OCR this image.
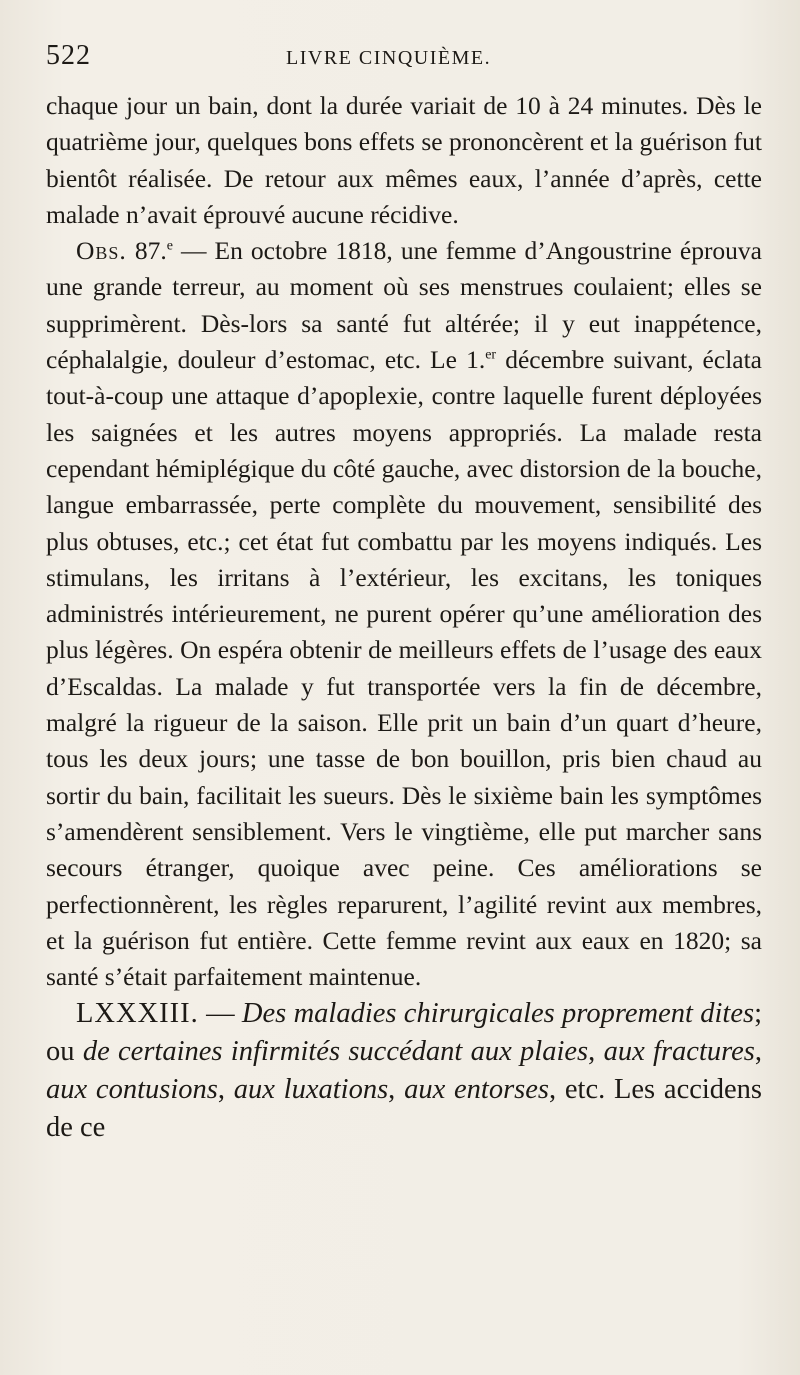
522	LIVRE CINQUIÈME.

chaque jour un bain, dont la durée variait de 10 à 24 minutes. Dès le quatrième jour, quelques bons effets se prononcèrent et la guérison fut bientôt réalisée. De retour aux mêmes eaux, l’année d’après, cette malade n’avait éprouvé aucune récidive.

Obs. 87.$^e$ — En octobre 1818, une femme d’Angoustrine éprouva une grande terreur, au moment où ses menstrues coulaient; elles se supprimèrent. Dès-lors sa santé fut altérée; il y eut inappétence, céphalalgie, douleur d’estomac, etc. Le 1.$^{er}$ décembre suivant, éclata tout-à-coup une attaque d’apoplexie, contre laquelle furent déployées les saignées et les autres moyens appropriés. La malade resta cependant hémiplégique du côté gauche, avec distorsion de la bouche, langue embarrassée, perte complète du mouvement, sensibilité des plus obtuses, etc.; cet état fut combattu par les moyens indiqués. Les stimulans, les irritans à l’extérieur, les excitans, les toniques administrés intérieurement, ne purent opérer qu’une amélioration des plus légères. On espéra obtenir de meilleurs effets de l’usage des eaux d’Escaldas. La malade y fut transportée vers la fin de décembre, malgré la rigueur de la saison. Elle prit un bain d’un quart d’heure, tous les deux jours; une tasse de bon bouillon, pris bien chaud au sortir du bain, facilitait les sueurs. Dès le sixième bain les symptômes s’amendèrent sensiblement. Vers le vingtième, elle put marcher sans secours étranger, quoique avec peine. Ces améliorations se perfectionnèrent, les règles reparurent, l’agilité revint aux membres, et la guérison fut entière. Cette femme revint aux eaux en 1820; sa santé s’était parfaitement maintenue.

LXXXIII. — Des maladies chirurgicales proprement dites; ou de certaines infirmités succédant aux plaies, aux fractures, aux contusions, aux luxations, aux entorses, etc. Les accidens de ce
